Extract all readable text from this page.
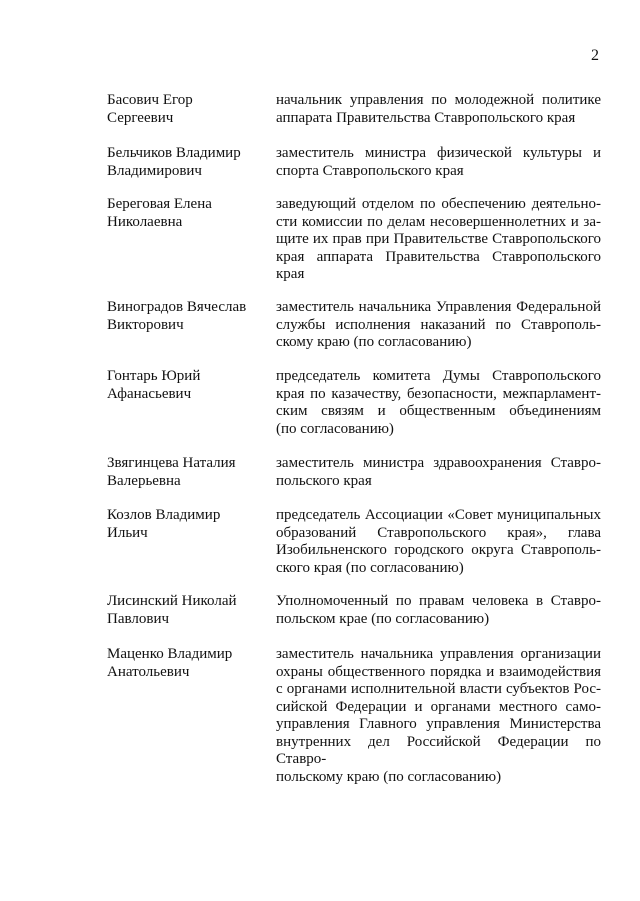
2
Басович Егор
Сергеевич
начальник управления по молодежной политике
аппарата Правительства Ставропольского края
Бельчиков Владимир
Владимирович
заместитель министра физической культуры и
спорта Ставропольского края
Береговая Елена
Николаевна
заведующий отделом по обеспечению деятельно-
сти комиссии по делам несовершеннолетних и за-
щите их прав при Правительстве Ставропольского
края аппарата Правительства Ставропольского
края
Виноградов Вячеслав
Викторович
заместитель начальника Управления Федеральной
службы исполнения наказаний по Ставрополь-
скому краю (по согласованию)
Гонтарь Юрий
Афанасьевич
председатель комитета Думы Ставропольского
края по казачеству, безопасности, межпарламент-
ским связям и общественным объединениям
(по согласованию)
Звягинцева Наталия
Валерьевна
заместитель министра здравоохранения Ставро-
польского края
Козлов Владимир
Ильич
председатель Ассоциации «Совет муниципальных
образований Ставропольского края», глава
Изобильненского городского округа Ставрополь-
ского края (по согласованию)
Лисинский Николай
Павлович
Уполномоченный по правам человека в Ставро-
польском крае (по согласованию)
Маценко Владимир
Анатольевич
заместитель начальника управления организации
охраны общественного порядка и взаимодействия
с органами исполнительной власти субъектов Рос-
сийской Федерации и органами местного само-
управления Главного управления Министерства
внутренних дел Российской Федерации по Ставро-
польскому краю (по согласованию)
